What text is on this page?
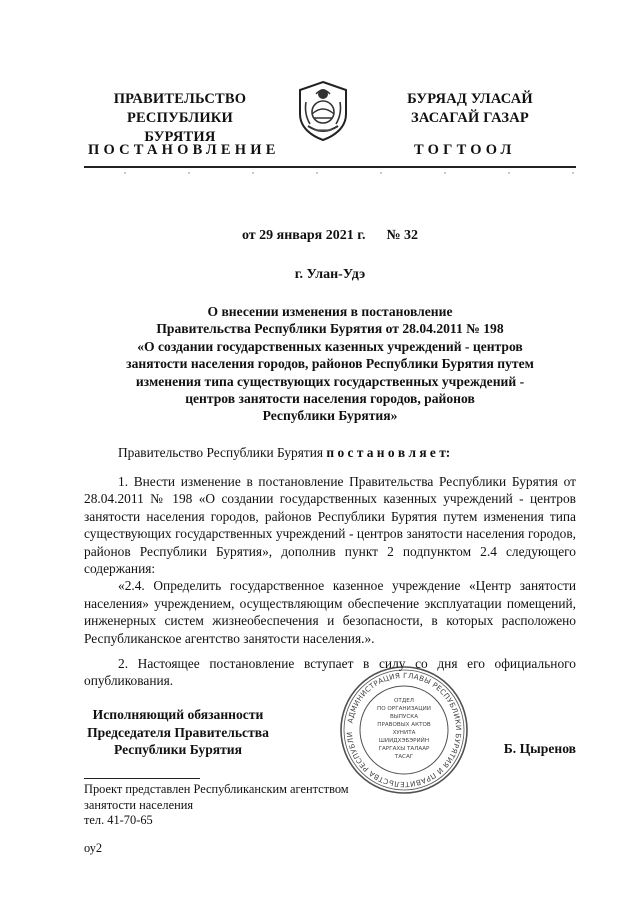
ПРАВИТЕЛЬСТВО
РЕСПУБЛИКИ БУРЯТИЯ
БУРЯАД УЛАСАЙ
ЗАСАГАЙ ГАЗАР
ПОСТАНОВЛЕНИЕ	ТОГТООЛ
от 29 января 2021 г. № 32
г. Улан-Удэ
О внесении изменения в постановление
Правительства Республики Бурятия от 28.04.2011 № 198
«О создании государственных казенных учреждений - центров
занятости населения городов, районов Республики Бурятия путем
изменения типа существующих государственных учреждений -
центров занятости населения городов, районов
Республики Бурятия»
Правительство Республики Бурятия п о с т а н о в л я е т:
1. Внести изменение в постановление Правительства Республики Бурятия от 28.04.2011 № 198 «О создании государственных казенных учреждений - центров занятости населения городов, районов Республики Бурятия путем изменения типа существующих государственных учреждений - центров занятости населения городов, районов Республики Бурятия», дополнив пункт 2 подпунктом 2.4 следующего содержания:
«2.4. Определить государственное казенное учреждение «Центр занятости населения» учреждением, осуществляющим обеспечение эксплуатации помещений, инженерных систем жизнеобеспечения и безопасности, в которых расположено Республиканское агентство занятости населения.».
2. Настоящее постановление вступает в силу со дня его официального опубликования.
АДМИНИСТРАЦИЯ ГЛАВЫ РЕСПУБЛИКИ БУРЯТИЯ И ПРАВИТЕЛЬСТВА РЕСПУБЛИ
ОТДЕЛ
ПО ОРГАНИЗАЦИИ
ВЫПУСКА
ПРАВОВЫХ АКТОВ
ХУНИТА
ШИИДХЭБЭРИЙН
ГАРГАХЫ ТАЛААР
ТАСАГ
Исполняющий обязанности
Председателя Правительства
Республики Бурятия	Б. Цыренов
Проект представлен Республиканским агентством
занятости населения
тел. 41-70-65
оу2
